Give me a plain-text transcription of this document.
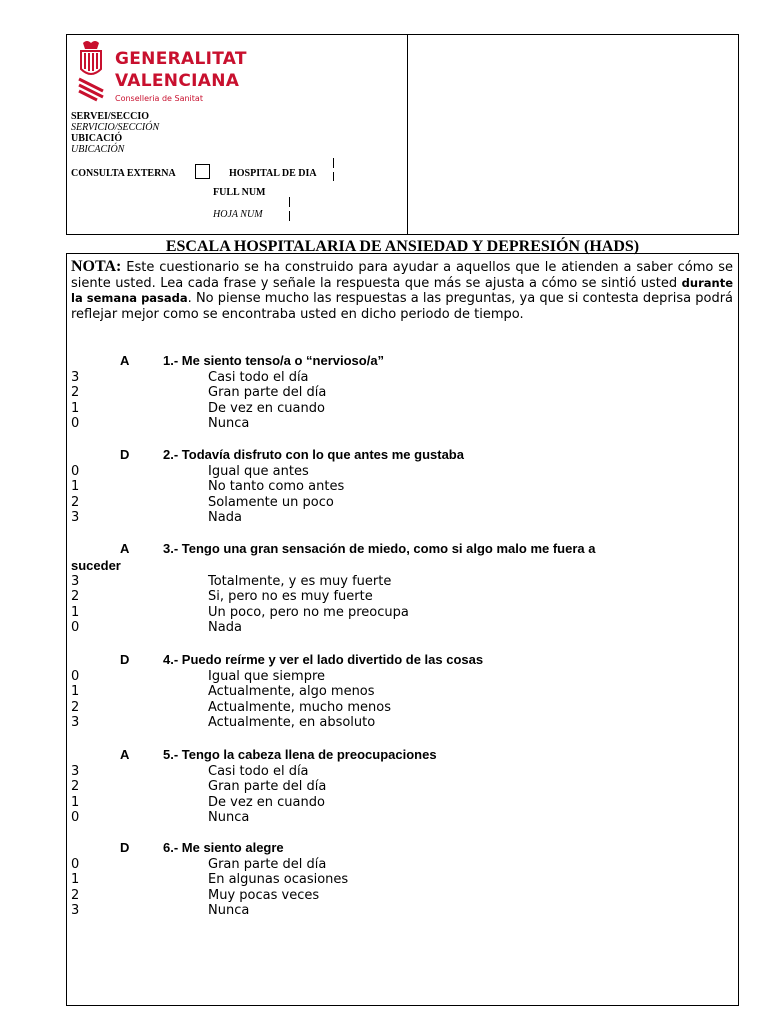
GENERALITAT
VALENCIANA
Conselleria de Sanitat
SERVEI/SECCIO
SERVICIO/SECCIÓN
UBICACIÓ
UBICACIÓN
CONSULTA EXTERNA	HOSPITAL DE DIA
FULL NUM
HOJA NUM
ESCALA HOSPITALARIA DE ANSIEDAD Y DEPRESIÓN (HADS)
NOTA: Este cuestionario se ha construido para ayudar a aquellos que le atienden a saber cómo se siente usted. Lea cada frase y señale la respuesta que más se ajusta a cómo se sintió usted durante la semana pasada. No piense mucho las respuestas a las preguntas, ya que si contesta deprisa podrá reflejar mejor como se encontraba usted en dicho periodo de tiempo.
A	1.- Me siento tenso/a o “nervioso/a”
3	Casi todo el día
2	Gran parte del día
1	De vez en cuando
0	Nunca
D	2.- Todavía disfruto con lo que antes me gustaba
0	Igual que antes
1	No tanto como antes
2	Solamente un poco
3	Nada
A	3.- Tengo una gran sensación de miedo, como si algo malo me fuera a
suceder
3	Totalmente, y es muy fuerte
2	Si, pero no es muy fuerte
1	Un poco, pero no me preocupa
0	Nada
D	4.- Puedo reírme y ver el lado divertido de las cosas
0	Igual que siempre
1	Actualmente, algo menos
2	Actualmente, mucho menos
3	Actualmente, en absoluto
A	5.- Tengo la cabeza llena de preocupaciones
3	Casi todo el día
2	Gran parte del día
1	De vez en cuando
0	Nunca
D	6.- Me siento alegre
0	Gran parte del día
1	En algunas ocasiones
2	Muy pocas veces
3	Nunca
